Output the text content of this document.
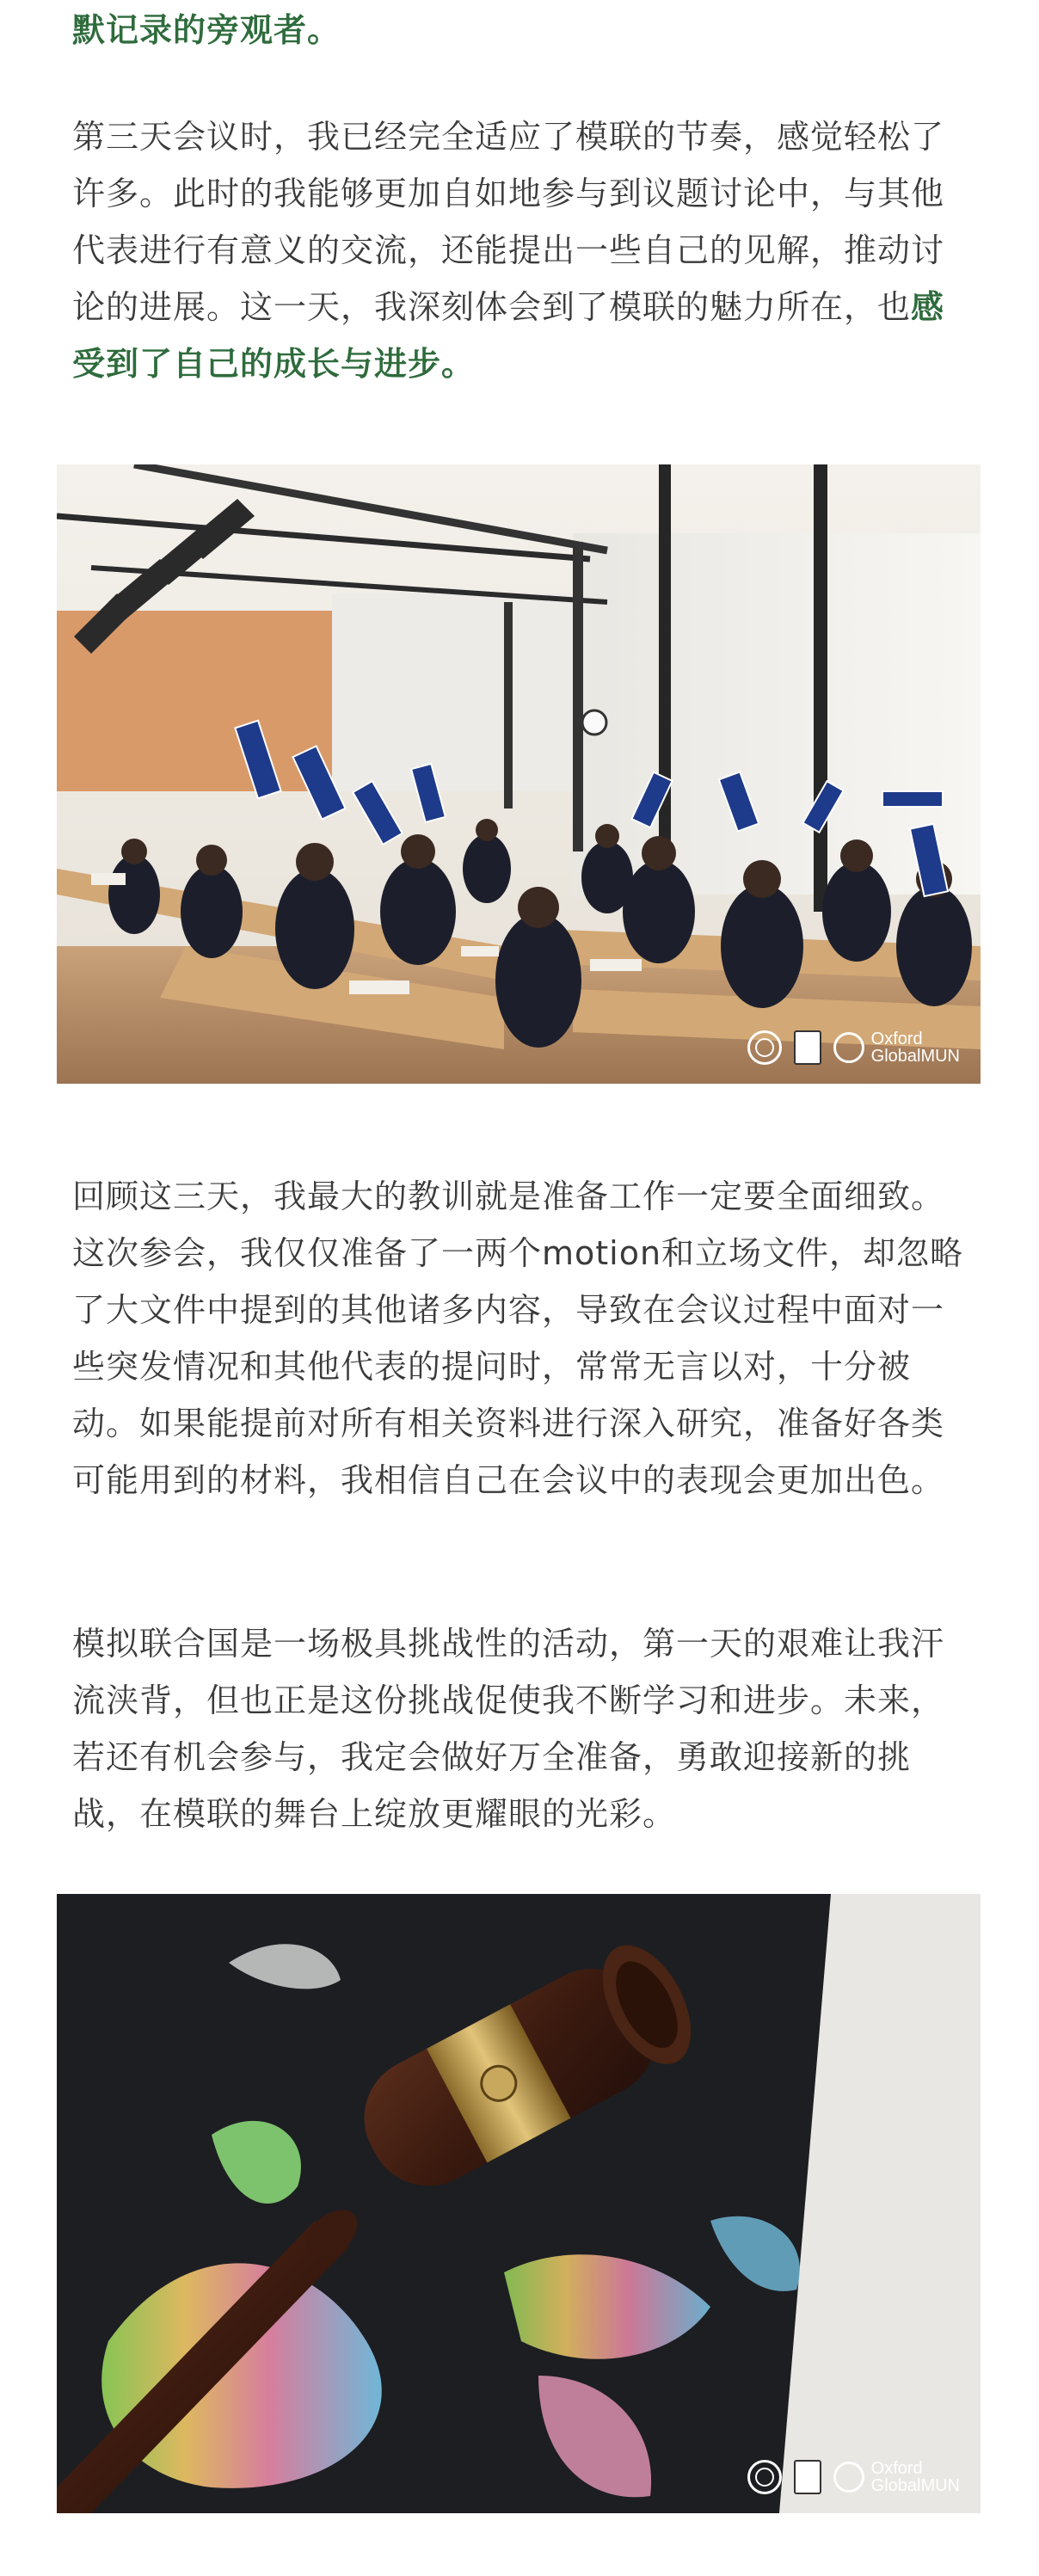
默记录的旁观者。

第三天会议时，我已经完全适应了模联的节奏，感觉轻松了许多。此时的我能够更加自如地参与到议题讨论中，与其他代表进行有意义的交流，还能提出一些自己的见解，推动讨论的进展。这一天，我深刻体会到了模联的魅力所在，也感受到了自己的成长与进步。

Oxford
GlobalMUN

回顾这三天，我最大的教训就是准备工作一定要全面细致。这次参会，我仅仅准备了一两个motion和立场文件，却忽略了大文件中提到的其他诸多内容，导致在会议过程中面对一些突发情况和其他代表的提问时，常常无言以对，十分被动。如果能提前对所有相关资料进行深入研究，准备好各类可能用到的材料，我相信自己在会议中的表现会更加出色。

模拟联合国是一场极具挑战性的活动，第一天的艰难让我汗流浃背，但也正是这份挑战促使我不断学习和进步。未来，若还有机会参与，我定会做好万全准备，勇敢迎接新的挑战，在模联的舞台上绽放更耀眼的光彩。

Oxford
GlobalMUN
